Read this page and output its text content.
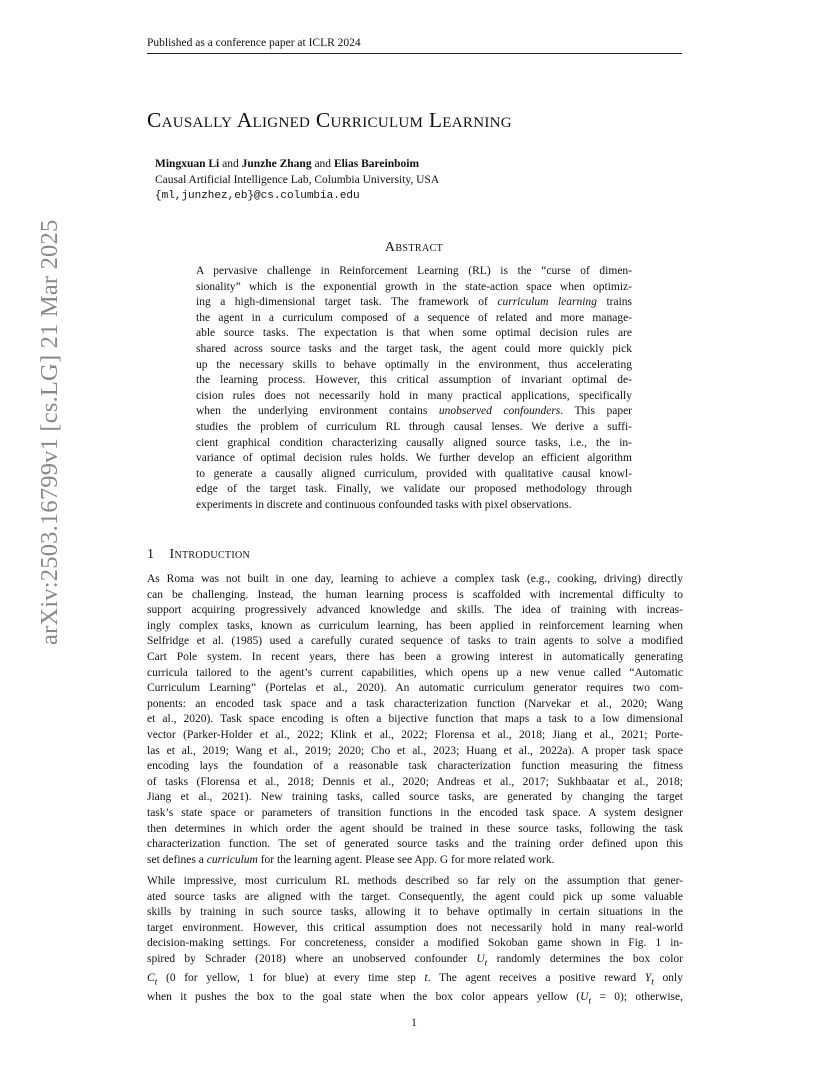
Published as a conference paper at ICLR 2024
arXiv:2503.16799v1 [cs.LG] 21 Mar 2025
Causally Aligned Curriculum Learning
Mingxuan Li and Junzhe Zhang and Elias Bareinboim
Causal Artificial Intelligence Lab, Columbia University, USA
{ml,junzhez,eb}@cs.columbia.edu
Abstract
A pervasive challenge in Reinforcement Learning (RL) is the “curse of dimen-
sionality” which is the exponential growth in the state-action space when optimiz-
ing a high-dimensional target task. The framework of curriculum learning trains
the agent in a curriculum composed of a sequence of related and more manage-
able source tasks. The expectation is that when some optimal decision rules are
shared across source tasks and the target task, the agent could more quickly pick
up the necessary skills to behave optimally in the environment, thus accelerating
the learning process. However, this critical assumption of invariant optimal de-
cision rules does not necessarily hold in many practical applications, specifically
when the underlying environment contains unobserved confounders. This paper
studies the problem of curriculum RL through causal lenses. We derive a suffi-
cient graphical condition characterizing causally aligned source tasks, i.e., the in-
variance of optimal decision rules holds. We further develop an efficient algorithm
to generate a causally aligned curriculum, provided with qualitative causal knowl-
edge of the target task. Finally, we validate our proposed methodology through
experiments in discrete and continuous confounded tasks with pixel observations.
1 Introduction
As Roma was not built in one day, learning to achieve a complex task (e.g., cooking, driving) directly
can be challenging. Instead, the human learning process is scaffolded with incremental difficulty to
support acquiring progressively advanced knowledge and skills. The idea of training with increas-
ingly complex tasks, known as curriculum learning, has been applied in reinforcement learning when
Selfridge et al. (1985) used a carefully curated sequence of tasks to train agents to solve a modified
Cart Pole system. In recent years, there has been a growing interest in automatically generating
curricula tailored to the agent’s current capabilities, which opens up a new venue called “Automatic
Curriculum Learning” (Portelas et al., 2020). An automatic curriculum generator requires two com-
ponents: an encoded task space and a task characterization function (Narvekar et al., 2020; Wang
et al., 2020). Task space encoding is often a bijective function that maps a task to a low dimensional
vector (Parker-Holder et al., 2022; Klink et al., 2022; Florensa et al., 2018; Jiang et al., 2021; Porte-
las et al., 2019; Wang et al., 2019; 2020; Cho et al., 2023; Huang et al., 2022a). A proper task space
encoding lays the foundation of a reasonable task characterization function measuring the fitness
of tasks (Florensa et al., 2018; Dennis et al., 2020; Andreas et al., 2017; Sukhbaatar et al., 2018;
Jiang et al., 2021). New training tasks, called source tasks, are generated by changing the target
task’s state space or parameters of transition functions in the encoded task space. A system designer
then determines in which order the agent should be trained in these source tasks, following the task
characterization function. The set of generated source tasks and the training order defined upon this
set defines a curriculum for the learning agent. Please see App. G for more related work.
While impressive, most curriculum RL methods described so far rely on the assumption that gener-
ated source tasks are aligned with the target. Consequently, the agent could pick up some valuable
skills by training in such source tasks, allowing it to behave optimally in certain situations in the
target environment. However, this critical assumption does not necessarily hold in many real-world
decision-making settings. For concreteness, consider a modified Sokoban game shown in Fig. 1 in-
spired by Schrader (2018) where an unobserved confounder $U_t$ randomly determines the box color
$C_t$ (0 for yellow, 1 for blue) at every time step t. The agent receives a positive reward $Y_t$ only
when it pushes the box to the goal state when the box color appears yellow $(U_t = 0)$; otherwise,
1
